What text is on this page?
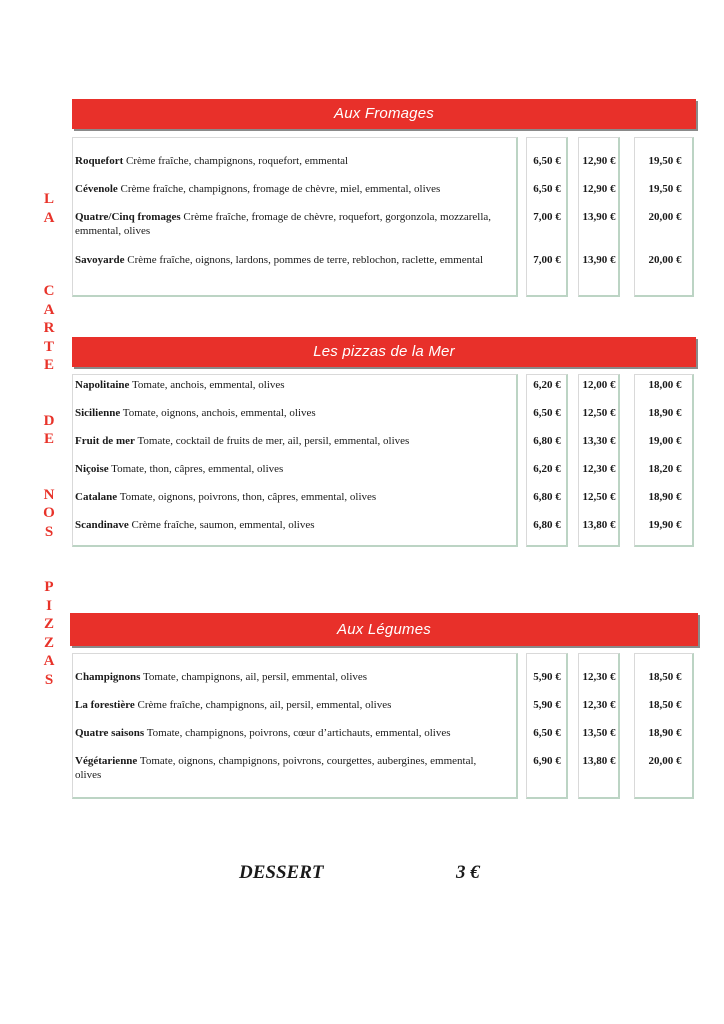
L
A
C
A
R
T
E
D
E
N
O
S
P
I
Z
Z
A
S
Aux Fromages
Roquefort Crème fraîche, champignons, roquefort, emmental	6,50 €	12,90 €	19,50 €
Cévenole Crème fraîche, champignons, fromage de chèvre, miel, emmental, olives	6,50 €	12,90 €	19,50 €
Quatre/Cinq fromages Crème fraîche, fromage de chèvre, roquefort, gorgonzola, mozzarella, emmental, olives
7,00 €	13,90 €	20,00 €
Savoyarde Crème fraîche, oignons, lardons, pommes de terre, reblochon, raclette, emmental	7,00 €	13,90 €	20,00 €
Les pizzas de la Mer
Napolitaine Tomate, anchois, emmental, olives	6,20 €	12,00 €	18,00 €
Sicilienne Tomate, oignons, anchois, emmental, olives	6,50 €	12,50 €	18,90 €
Fruit de mer Tomate, cocktail de fruits de mer, ail, persil, emmental, olives	6,80 €	13,30 €	19,00 €
Niçoise Tomate, thon, câpres, emmental, olives	6,20 €	12,30 €	18,20 €
Catalane Tomate, oignons, poivrons, thon, câpres, emmental, olives	6,80 €	12,50 €	18,90 €
Scandinave Crème fraîche, saumon, emmental, olives	6,80 €	13,80 €	19,90 €
Aux Légumes
Champignons Tomate, champignons, ail, persil, emmental, olives	5,90 €	12,30 €	18,50 €
La forestière Crème fraîche, champignons, ail, persil, emmental, olives	5,90 €	12,30 €	18,50 €
Quatre saisons Tomate, champignons, poivrons, cœur d’artichauts, emmental, olives	6,50 €	13,50 €	18,90 €
Végétarienne Tomate, oignons, champignons, poivrons, courgettes, aubergines, emmental, olives
6,90 €	13,80 €	20,00 €
DESSERT	3 €
